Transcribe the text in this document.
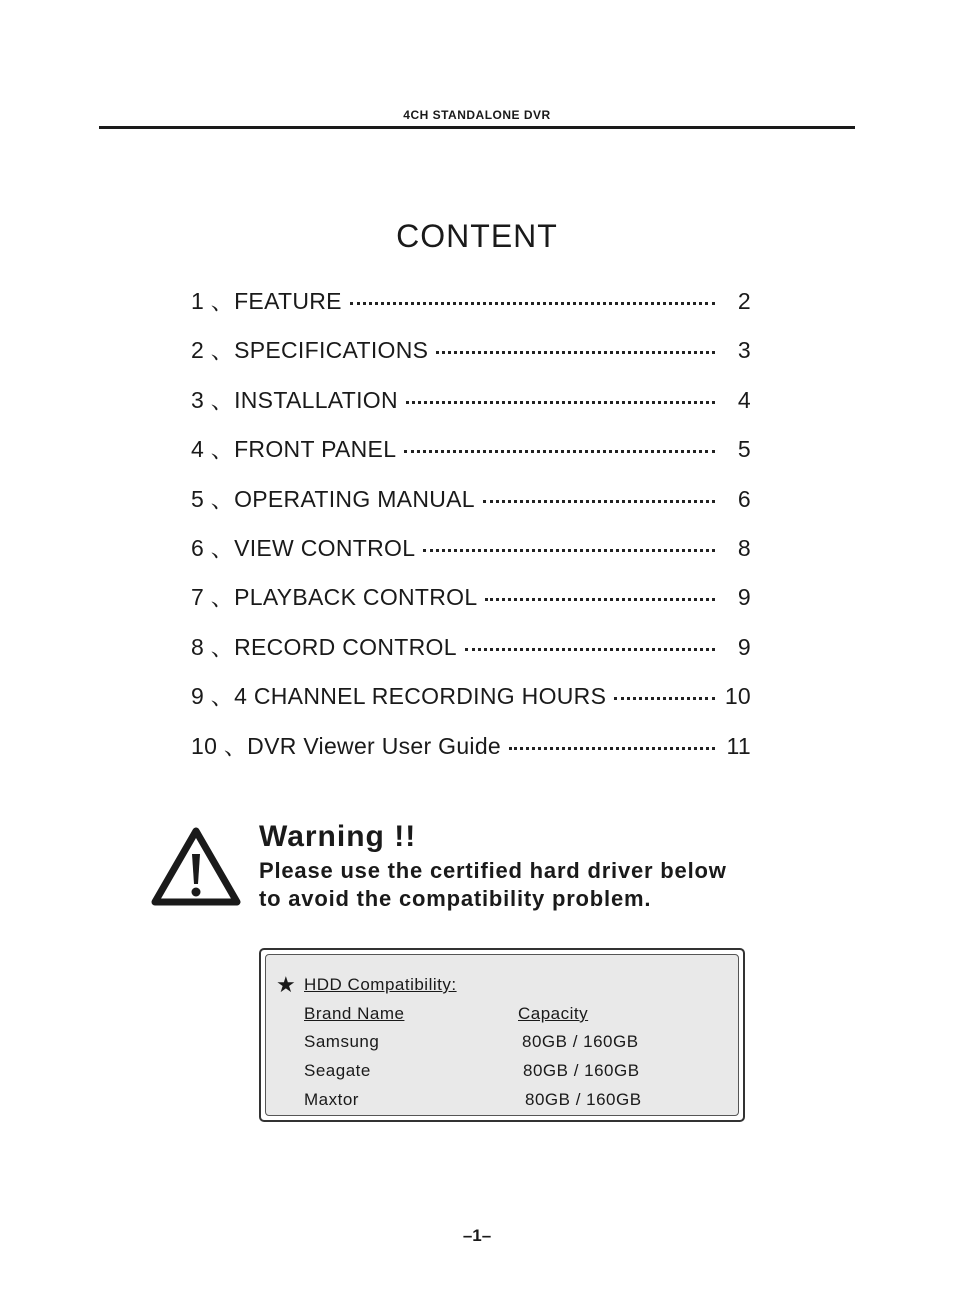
4CH STANDALONE DVR
CONTENT
1 、FEATURE	2
2 、SPECIFICATIONS	3
3 、INSTALLATION	4
4 、FRONT PANEL	5
5 、OPERATING MANUAL	6
6 、VIEW CONTROL	8
7 、PLAYBACK CONTROL	9
8 、RECORD CONTROL	9
9 、4 CHANNEL RECORDING HOURS	10
10 、DVR Viewer User Guide	11
Warning !!
Please use the certified hard driver below
to avoid the compatibility problem.
★ HDD Compatibility:
Brand Name	Capacity
Samsung	80GB / 160GB
Seagate	80GB / 160GB
Maxtor	80GB / 160GB
–1–
